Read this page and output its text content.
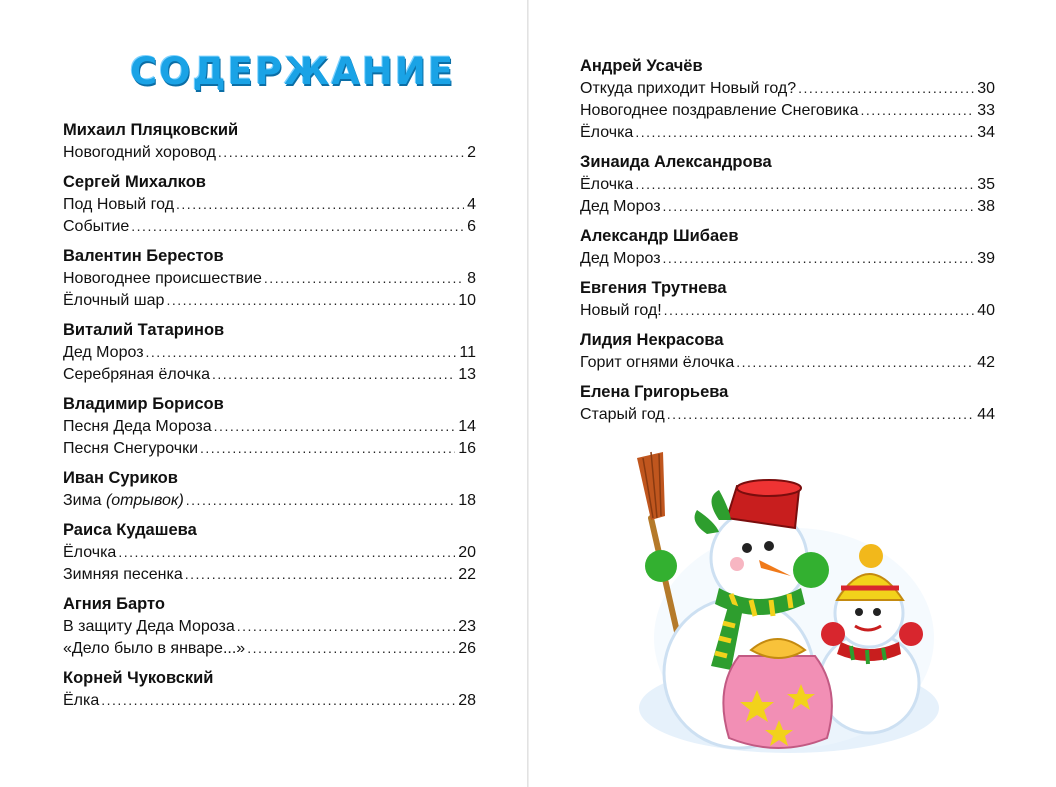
СОДЕРЖАНИЕ
Михаил Пляцковский
Новогодний хоровод .....	2
Сергей Михалков
Под Новый год .....	4
Событие .....	6
Валентин Берестов
Новогоднее происшествие .....	8
Ёлочный шар .....	10
Виталий Татаринов
Дед Мороз .....	11
Серебряная ёлочка .....	13
Владимир Борисов
Песня Деда Мороза .....	14
Песня Снегурочки .....	16
Иван Суриков
Зима
(отрывок) .....	18
Раиса Кудашева
Ёлочка .....	20
Зимняя песенка .....	22
Агния Барто
В защиту Деда Мороза .....	23
«Дело было в январе...» .....	26
Корней Чуковский
Ёлка .....	28
Андрей Усачёв
Откуда приходит Новый год? .....	30
Новогоднее поздравление Снеговика .....	33
Ёлочка .....	34
Зинаида Александрова
Ёлочка .....	35
Дед Мороз .....	38
Александр Шибаев
Дед Мороз .....	39
Евгения Трутнева
Новый год! .....	40
Лидия Некрасова
Горит огнями ёлочка .....	42
Елена Григорьева
Старый год .....	44
